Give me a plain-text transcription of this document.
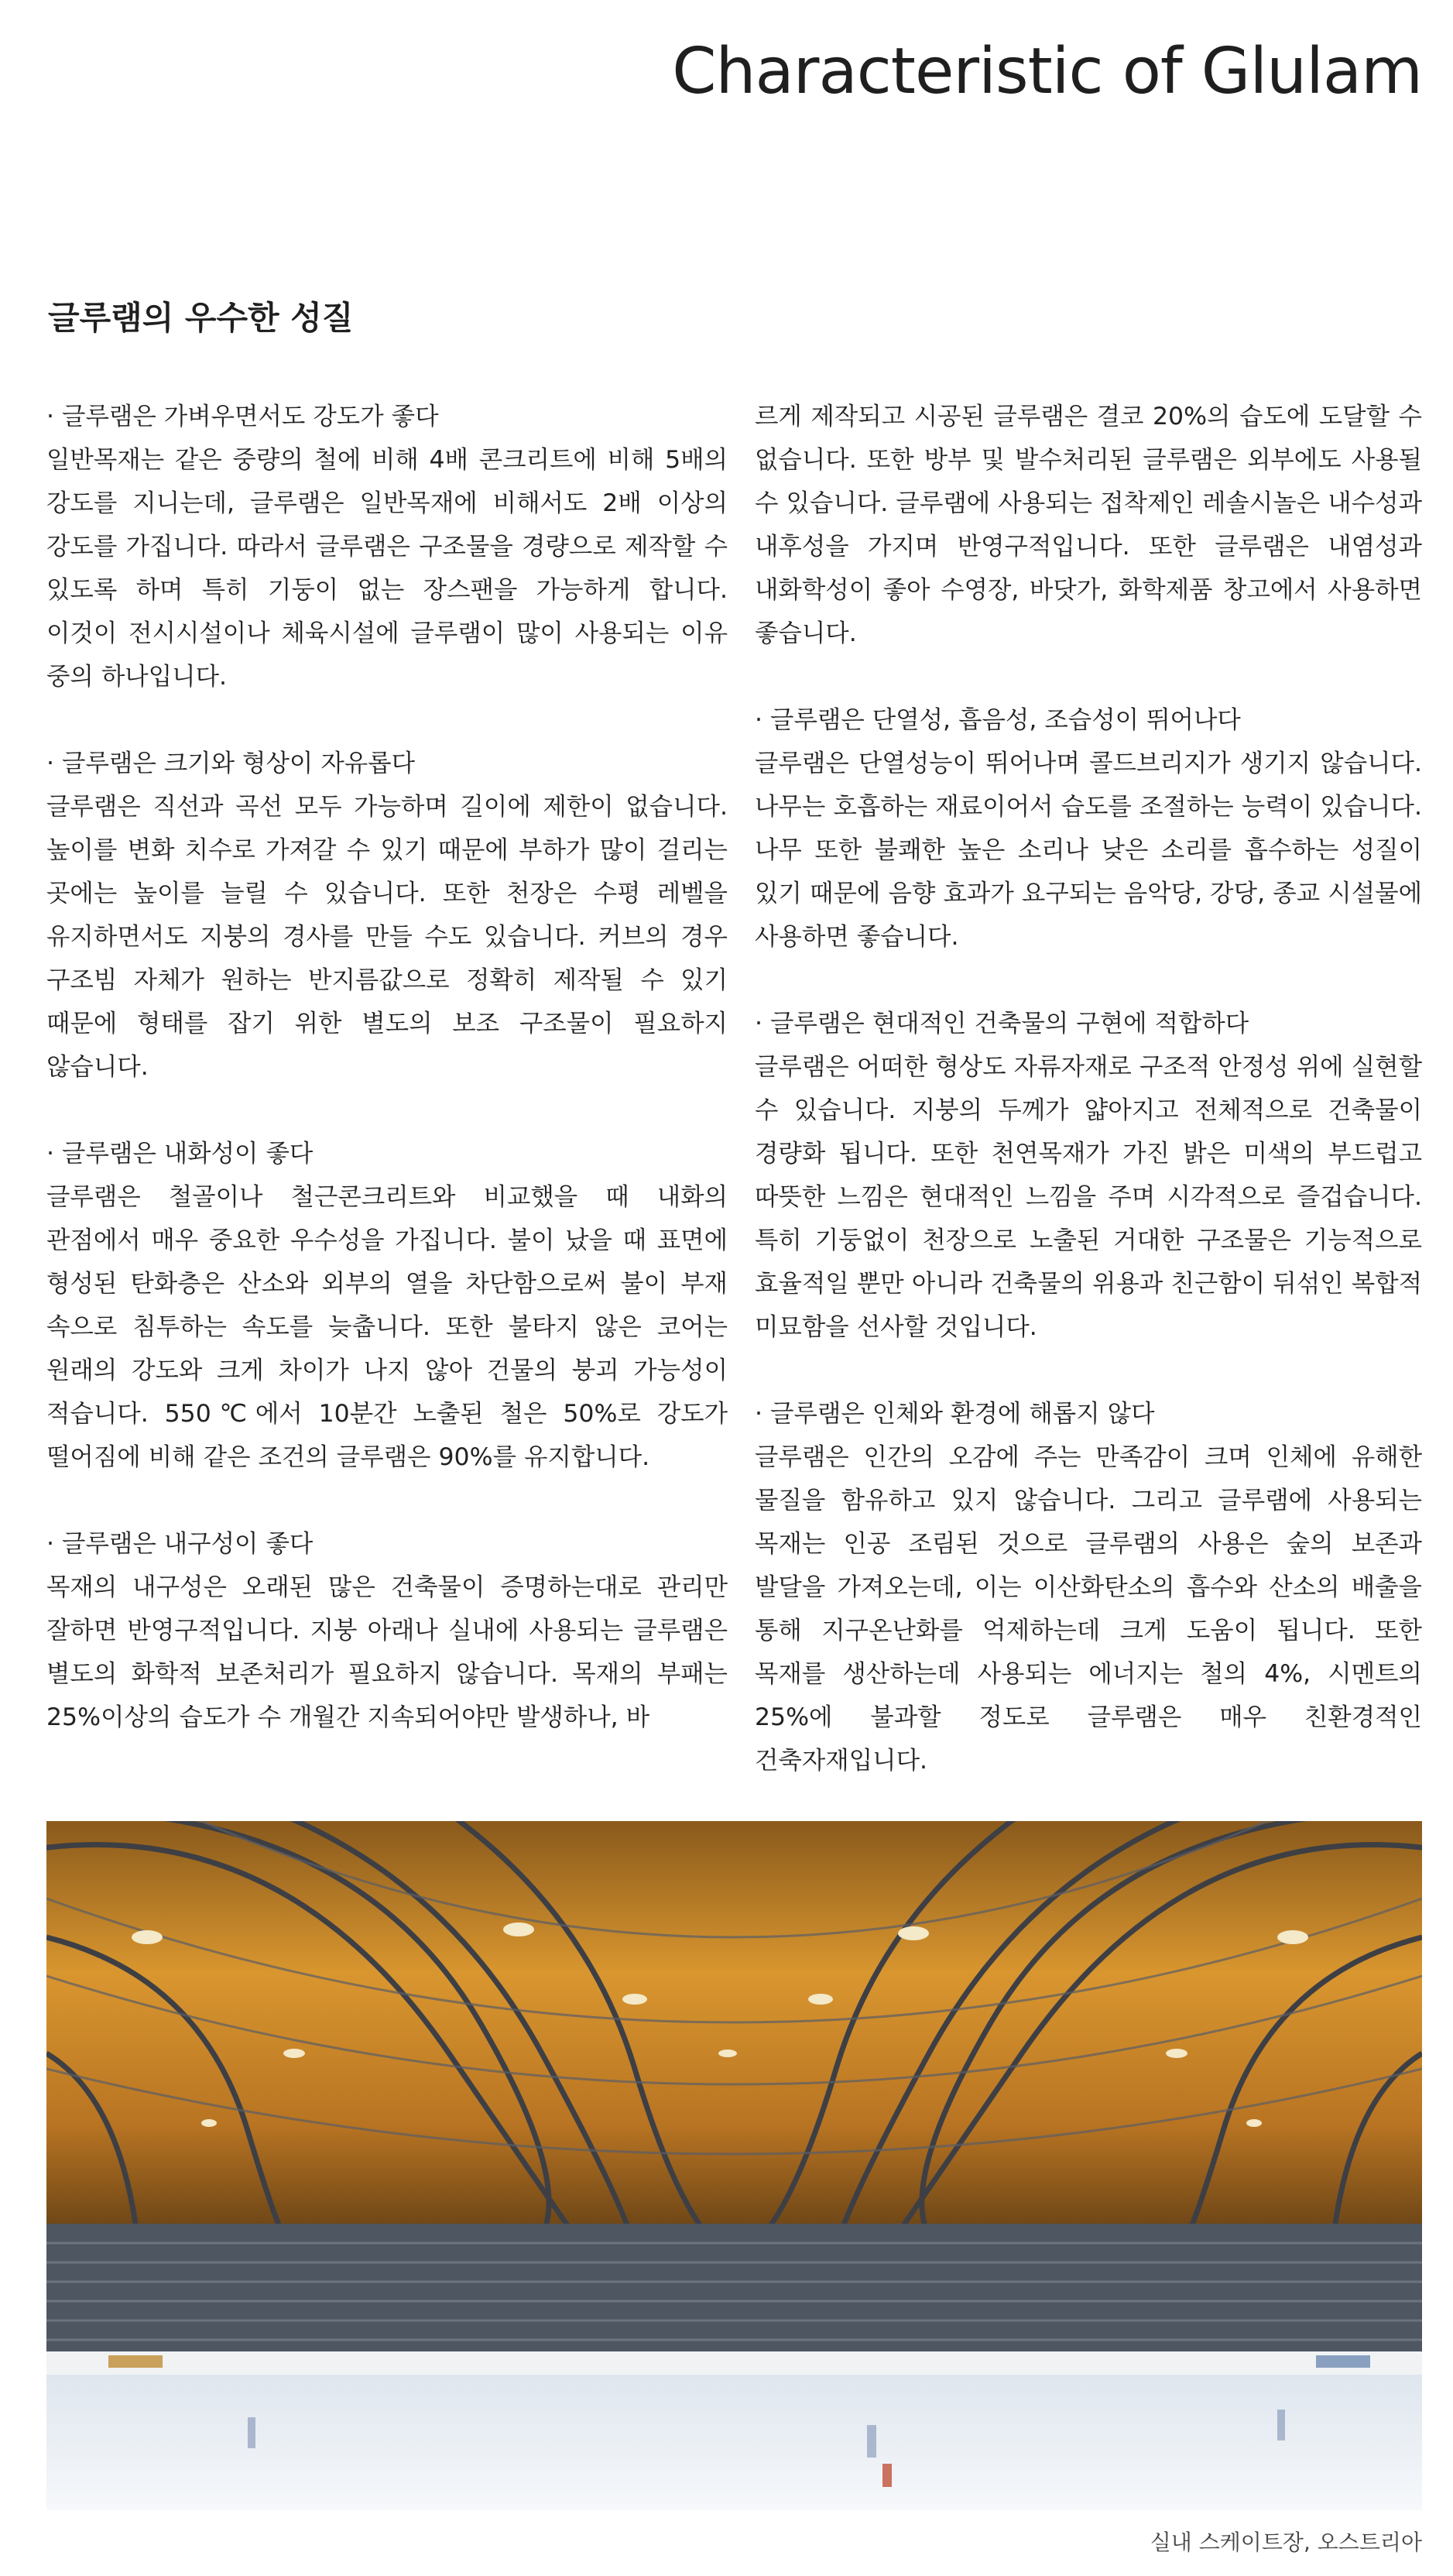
Characteristic of Glulam
글루램의 우수한 성질
· 글루램은 가벼우면서도 강도가 좋다

일반목재는 같은 중량의 철에 비해 4배 콘크리트에 비해 5배의 강도를 지니는데, 글루램은 일반목재에 비해서도 2배 이상의 강도를 가집니다. 따라서 글루램은 구조물을 경량으로 제작할 수 있도록 하며 특히 기둥이 없는 장스팬을 가능하게 합니다. 이것이 전시시설이나 체육시설에 글루램이 많이 사용되는 이유 중의 하나입니다.

· 글루램은 크기와 형상이 자유롭다

글루램은 직선과 곡선 모두 가능하며 길이에 제한이 없습니다. 높이를 변화 치수로 가져갈 수 있기 때문에 부하가 많이 걸리는 곳에는 높이를 늘릴 수 있습니다. 또한 천장은 수평 레벨을 유지하면서도 지붕의 경사를 만들 수도 있습니다. 커브의 경우 구조빔 자체가 원하는 반지름값으로 정확히 제작될 수 있기 때문에 형태를 잡기 위한 별도의 보조 구조물이 필요하지 않습니다.

· 글루램은 내화성이 좋다

글루램은 철골이나 철근콘크리트와 비교했을 때 내화의 관점에서 매우 중요한 우수성을 가집니다. 불이 났을 때 표면에 형성된 탄화층은 산소와 외부의 열을 차단함으로써 불이 부재 속으로 침투하는 속도를 늦춥니다. 또한 불타지 않은 코어는 원래의 강도와 크게 차이가 나지 않아 건물의 붕괴 가능성이 적습니다. 550℃에서 10분간 노출된 철은 50%로 강도가 떨어짐에 비해 같은 조건의 글루램은 90%를 유지합니다.

· 글루램은 내구성이 좋다

목재의 내구성은 오래된 많은 건축물이 증명하는대로 관리만 잘하면 반영구적입니다. 지붕 아래나 실내에 사용되는 글루램은 별도의 화학적 보존처리가 필요하지 않습니다. 목재의 부패는 25%이상의 습도가 수 개월간 지속되어야만 발생하나, 바

르게 제작되고 시공된 글루램은 결코 20%의 습도에 도달할 수 없습니다. 또한 방부 및 발수처리된 글루램은 외부에도 사용될 수 있습니다. 글루램에 사용되는 접착제인 레솔시놀은 내수성과 내후성을 가지며 반영구적입니다. 또한 글루램은 내염성과 내화학성이 좋아 수영장, 바닷가, 화학제품 창고에서 사용하면 좋습니다.

· 글루램은 단열성, 흡음성, 조습성이 뛰어나다

글루램은 단열성능이 뛰어나며 콜드브리지가 생기지 않습니다. 나무는 호흡하는 재료이어서 습도를 조절하는 능력이 있습니다. 나무 또한 불쾌한 높은 소리나 낮은 소리를 흡수하는 성질이 있기 때문에 음향 효과가 요구되는 음악당, 강당, 종교 시설물에 사용하면 좋습니다.

· 글루램은 현대적인 건축물의 구현에 적합하다

글루램은 어떠한 형상도 자류자재로 구조적 안정성 위에 실현할 수 있습니다. 지붕의 두께가 얇아지고 전체적으로 건축물이 경량화 됩니다. 또한 천연목재가 가진 밝은 미색의 부드럽고 따뜻한 느낌은 현대적인 느낌을 주며 시각적으로 즐겁습니다. 특히 기둥없이 천장으로 노출된 거대한 구조물은 기능적으로 효율적일 뿐만 아니라 건축물의 위용과 친근함이 뒤섞인 복합적 미묘함을 선사할 것입니다.

· 글루램은 인체와 환경에 해롭지 않다

글루램은 인간의 오감에 주는 만족감이 크며 인체에 유해한 물질을 함유하고 있지 않습니다. 그리고 글루램에 사용되는 목재는 인공 조림된 것으로 글루램의 사용은 숲의 보존과 발달을 가져오는데, 이는 이산화탄소의 흡수와 산소의 배출을 통해 지구온난화를 억제하는데 크게 도움이 됩니다. 또한 목재를 생산하는데 사용되는 에너지는 철의 4%, 시멘트의 25%에 불과할 정도로 글루램은 매우 친환경적인 건축자재입니다.

실내 스케이트장, 오스트리아
